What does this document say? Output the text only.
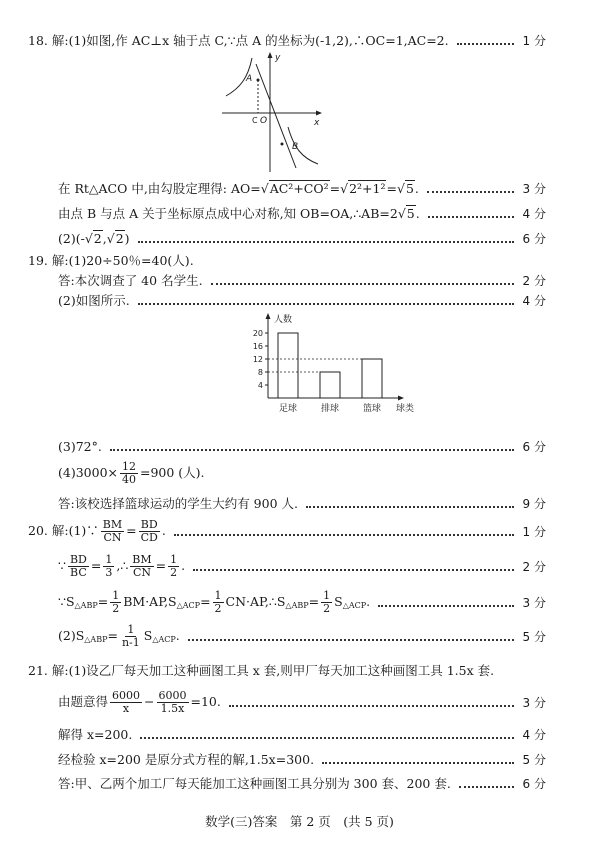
18. 解:(1)如图,作 AC⊥x 轴于点 C,∵点 A 的坐标为(-1,2),∴OC=1,AC=2.	1 分
y
x
A
O
C
B
在 Rt△ACO 中,由勾股定理得: AO=√AC²+CO²=√2²+1²=√5.	3 分
由点 B 与点 A 关于坐标原点成中心对称,知 OB=OA,∴AB=2√5.	4 分
(2)(-√2,√2)	6 分
19. 解:(1)20÷50％=40(人).
答:本次调查了 40 名学生.	2 分
(2)如图所示.	4 分
人数
球类
4
8
12
16
20
足球	排球	篮球
(3)72°.	6 分
$(4)3000\times \frac{12}{40} =900$ (人).
答:该校选择篮球运动的学生大约有 900 人.	9 分
20. 解:(1)∵ $\frac{BM}{CN} = \frac{BD}{CD}$ .	1 分
∵ $\frac{BD}{BC} = \frac{1}{3}$ ,∴ $\frac{BM}{CN} = \frac{1}{2}$ .	2 分
$\because S_{\triangle ABP}= \frac{1}{2} BM\cdot AP,S_{\triangle ACP}= \frac{1}{2}$ $CN\cdot AP,\therefore S_{\triangle ABP}= \frac{1}{2} S_{\triangle ACP}$.	3 分
$(2)S_{\triangle ABP}= \frac{1}{n-1} S_{\triangle ACP}$.	5 分
21. 解:(1)设乙厂每天加工这种画图工具 x 套,则甲厂每天加工这种画图工具 1.5x 套.
由题意得 $\frac{6000}{x} - \frac{6000}{1.5x} =10$.	3 分
解得 x=200.	4 分
经检验 x=200 是原分式方程的解,1.5x=300.	5 分
答:甲、乙两个加工厂每天能加工这种画图工具分别为 300 套、200 套.	6 分
数学(三)答案　第 2 页　(共 5 页)
